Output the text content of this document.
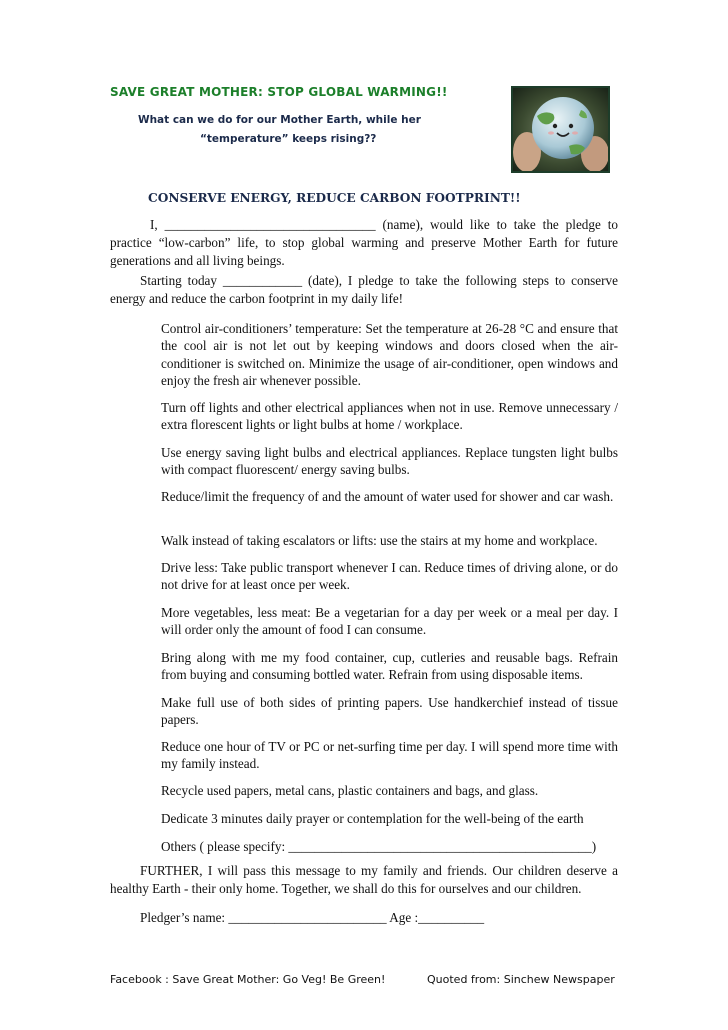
SAVE GREAT MOTHER: STOP GLOBAL WARMING!!
What can we do for our Mother Earth, while her
“temperature” keeps rising??
CONSERVE ENERGY, REDUCE CARBON FOOTPRINT!!
I, ________________________________ (name), would like to take the pledge to practice “low-carbon” life, to stop global warming and preserve Mother Earth for future generations and all living beings.
Starting today ____________ (date), I pledge to take the following steps to conserve energy and reduce the carbon footprint in my daily life!
Control air-conditioners’ temperature: Set the temperature at 26-28 °C and ensure that the cool air is not let out by keeping windows and doors closed when the air-conditioner is switched on. Minimize the usage of air-conditioner, open windows and enjoy the fresh air whenever possible.
Turn off lights and other electrical appliances when not in use. Remove unnecessary / extra florescent lights or light bulbs at home / workplace.
Use energy saving light bulbs and electrical appliances. Replace tungsten light bulbs with compact fluorescent/ energy saving bulbs.
Reduce/limit the frequency of and the amount of water used for shower and car wash.
Walk instead of taking escalators or lifts: use the stairs at my home and workplace.
Drive less: Take public transport whenever I can. Reduce times of driving alone, or do not drive for at least once per week.
More vegetables, less meat: Be a vegetarian for a day per week or a meal per day. I will order only the amount of food I can consume.
Bring along with me my food container, cup, cutleries and reusable bags. Refrain from buying and consuming bottled water. Refrain from using disposable items.
Make full use of both sides of printing papers. Use handkerchief instead of tissue papers.
Reduce one hour of TV or PC or net-surfing time per day. I will spend more time with my family instead.
Recycle used papers, metal cans, plastic containers and bags, and glass.
Dedicate 3 minutes daily prayer or contemplation for the well-being of the earth
Others ( please specify: ______________________________________________)
FURTHER, I will pass this message to my family and friends. Our children deserve a healthy Earth - their only home. Together, we shall do this for ourselves and our children.
Pledger’s name: ________________________ Age :__________
Facebook : Save Great Mother: Go Veg! Be Green!	Quoted from: Sinchew Newspaper
